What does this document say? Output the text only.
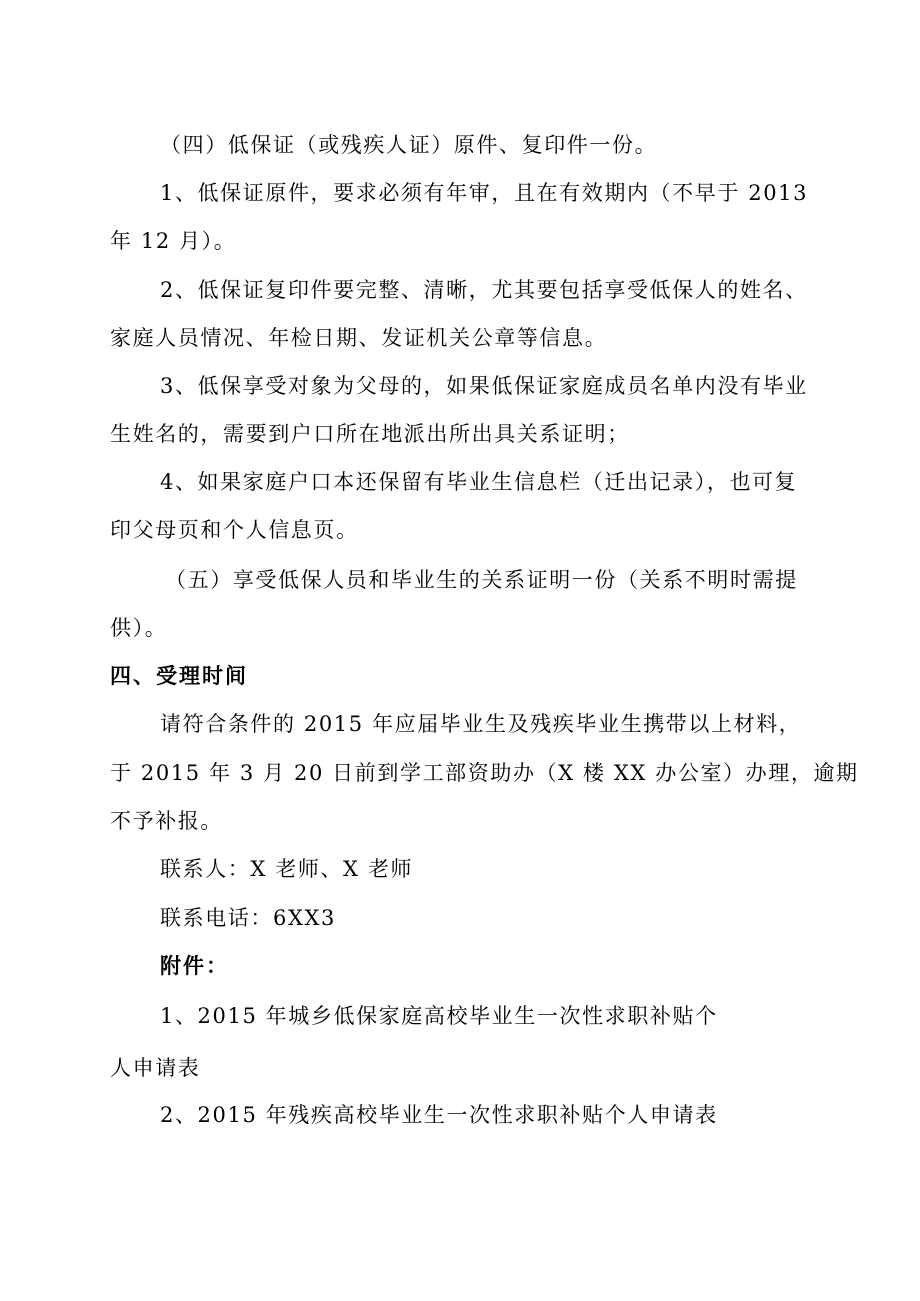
（四）低保证（或残疾人证）原件、复印件一份。
1、低保证原件，要求必须有年审，且在有效期内（不早于 2013
年 12 月）。
2、低保证复印件要完整、清晰，尤其要包括享受低保人的姓名、
家庭人员情况、年检日期、发证机关公章等信息。
3、低保享受对象为父母的，如果低保证家庭成员名单内没有毕业
生姓名的，需要到户口所在地派出所出具关系证明；
4、如果家庭户口本还保留有毕业生信息栏（迁出记录），也可复
印父母页和个人信息页。
（五）享受低保人员和毕业生的关系证明一份（关系不明时需提
供）。
四、受理时间
请符合条件的 2015 年应届毕业生及残疾毕业生携带以上材料，
于 2015 年 3 月 20 日前到学工部资助办（X 楼 XX 办公室）办理，逾期
不予补报。
联系人：X 老师、X 老师
联系电话：6XX3
附件：
1、2015 年城乡低保家庭高校毕业生一次性求职补贴个
人申请表
2、2015 年残疾高校毕业生一次性求职补贴个人申请表
